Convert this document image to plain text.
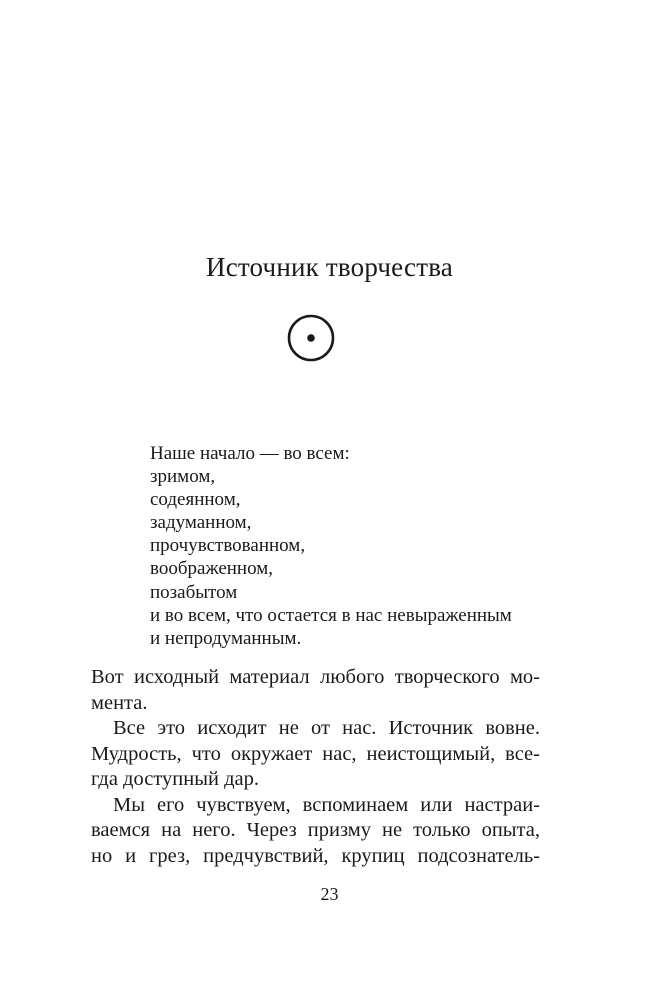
Источник творчества
Наше начало — во всем:
зримом,
содеянном,
задуманном,
прочувствованном,
воображенном,
позабытом
и во всем, что остается в нас невыраженным
и непродуманным.
Вот исходный материал любого творческого мо-
мента.
Все это исходит не от нас. Источник вовне.
Мудрость, что окружает нас, неистощимый, все-
гда доступный дар.
Мы его чувствуем, вспоминаем или настраи-
ваемся на него. Через призму не только опыта,
но и грез, предчувствий, крупиц подсознатель-
23
